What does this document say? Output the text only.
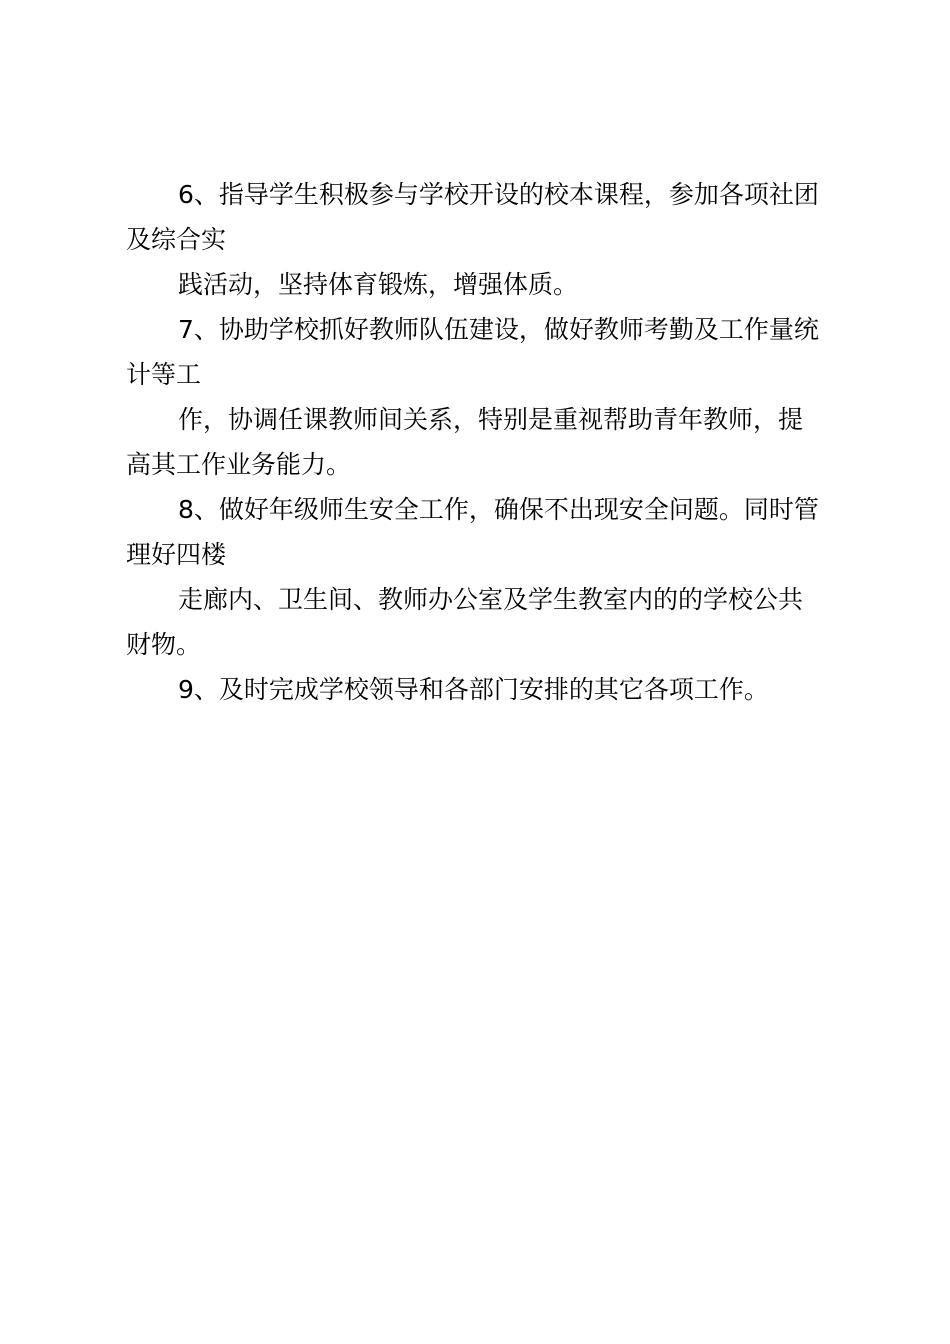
6、指导学生积极参与学校开设的校本课程，参加各项社团
及综合实
践活动，坚持体育锻炼，增强体质。
7、协助学校抓好教师队伍建设，做好教师考勤及工作量统
计等工
作，协调任课教师间关系，特别是重视帮助青年教师，提
高其工作业务能力。
8、做好年级师生安全工作，确保不出现安全问题。同时管
理好四楼
走廊内、卫生间、教师办公室及学生教室内的的学校公共
财物。
9、及时完成学校领导和各部门安排的其它各项工作。
